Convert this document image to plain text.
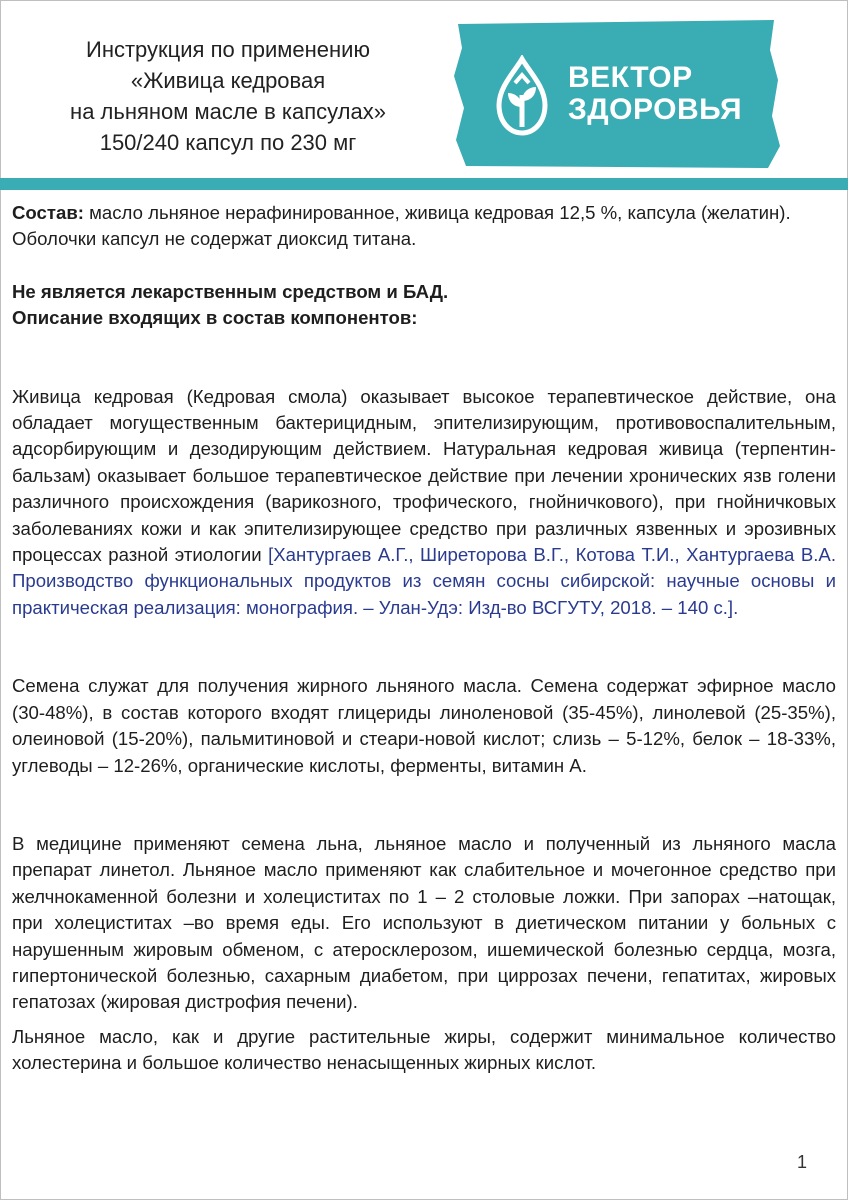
Инструкция по применению
«Живица кедровая
на льняном масле в капсулах»
150/240 капсул по 230 мг
ВЕКТОР
ЗДОРОВЬЯ

Состав: масло льняное нерафинированное, живица кедровая 12,5 %, капсула (желатин).

Оболочки капсул не содержат диоксид титана.

Не является лекарственным средством и БАД.

Описание входящих в состав компонентов:

Живица кедровая (Кедровая смола) оказывает высокое терапевтическое действие, она обладает могущественным бактерицидным, эпителизирующим, противовоспалительным, адсорбирующим и дезодирующим действием. Натуральная кедровая живица (терпентин-бальзам) оказывает большое терапевтическое действие при лечении хронических язв голени различного происхождения (варикозного, трофического, гнойничкового), при гнойничковых заболеваниях кожи и как эпителизирующее средство при различных язвенных и эрозивных процессах разной этиологии [Хантургаев А.Г., Ширеторова В.Г., Котова Т.И., Хантургаева В.А. Производство функциональных продуктов из семян сосны сибирской: научные основы и практическая реализация: монография. – Улан-Удэ: Изд-во ВСГУТУ, 2018. – 140 с.].

Семена служат для получения жирного льняного масла. Семена содержат эфирное масло (30-48%), в состав которого входят глицериды линоленовой (35-45%), линолевой (25-35%), олеиновой (15-20%), пальмитиновой и стеари-новой кислот; слизь – 5-12%, белок – 18-33%, углеводы – 12-26%, органические кислоты, ферменты, витамин А.

В медицине применяют семена льна, льняное масло и полученный из льняного масла препарат линетол. Льняное масло применяют как слабительное и мочегонное средство при желчнокаменной болезни и холециститах по 1 – 2 столовые ложки. При запорах –натощак, при холециститах –во время еды. Его используют в диетическом питании у больных с нарушенным жировым обменом, с атеросклерозом, ишемической болезнью сердца, мозга, гипертонической болезнью, сахарным диабетом, при циррозах печени, гепатитах, жировых гепатозах (жировая дистрофия печени).

Льняное масло, как и другие растительные жиры, содержит минимальное количество холестерина и большое количество ненасыщенных жирных кислот.

1
